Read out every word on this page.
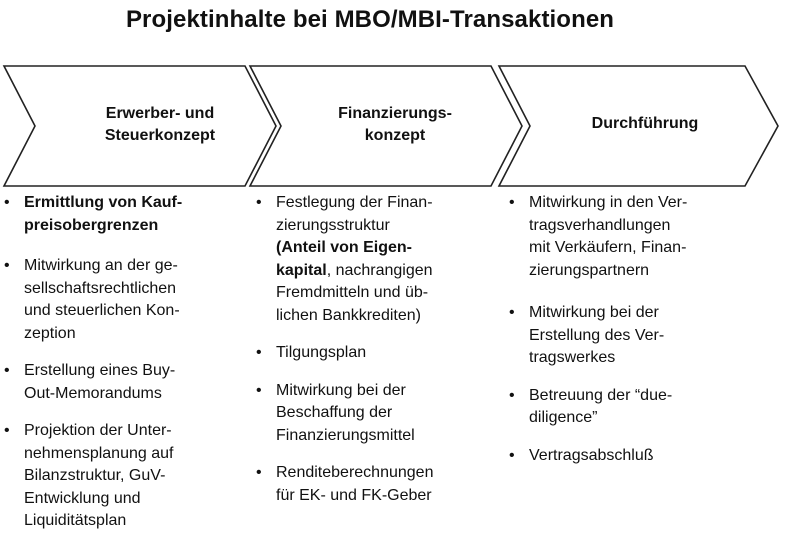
Projektinhalte bei MBO/MBI-Transaktionen
Erwerber- und
Steuerkonzept
Finanzierungs-
konzept
Durchführung
• Ermittlung von Kauf-
preisobergrenzen
• Mitwirkung an der ge-
sellschaftsrechtlichen
und steuerlichen Kon-
zeption
• Erstellung eines Buy-
Out-Memorandums
• Projektion der Unter-
nehmensplanung auf
Bilanzstruktur, GuV-
Entwicklung und
Liquiditätsplan
• Festlegung der Finan-
zierungsstruktur
(Anteil von Eigen-
kapital, nachrangigen
Fremdmitteln und üb-
lichen Bankkrediten)
• Tilgungsplan
• Mitwirkung bei der
Beschaffung der
Finanzierungsmittel
• Renditeberechnungen
für EK- und FK-Geber
• Mitwirkung in den Ver-
tragsverhandlungen
mit Verkäufern, Finan-
zierungspartnern
• Mitwirkung bei der
Erstellung des Ver-
tragswerkes
• Betreuung der “due-
diligence”
• Vertragsabschluß
